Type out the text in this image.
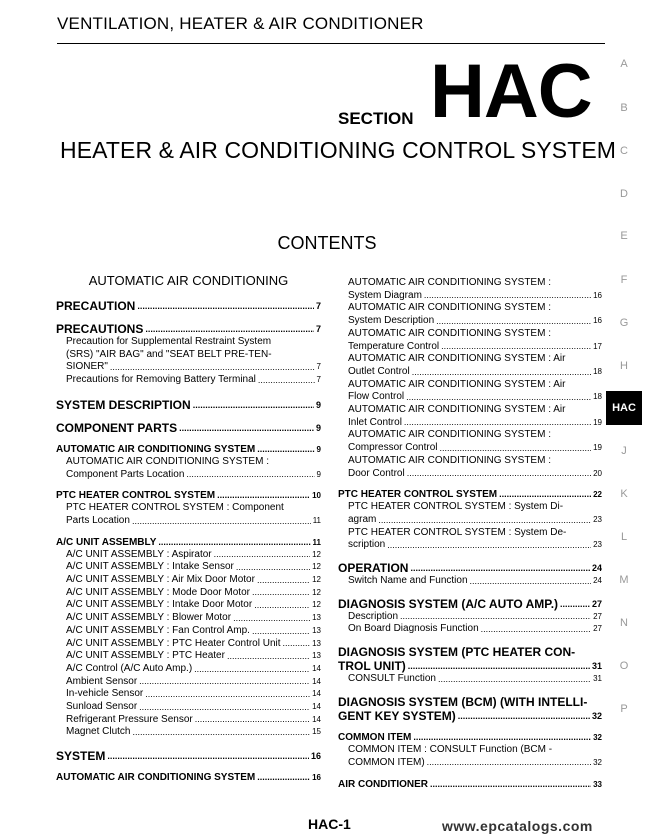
VENTILATION, HEATER & AIR CONDITIONER
SECTION HAC
HEATER & AIR CONDITIONING CONTROL SYSTEM
CONTENTS
AUTOMATIC AIR CONDITIONING
PRECAUTION .....	7
PRECAUTIONS .....	7
Precaution for Supplemental Restraint System
(SRS) "AIR BAG" and "SEAT BELT PRE-TEN-
SIONER" .....	7
Precautions for Removing Battery Terminal .....	7
SYSTEM DESCRIPTION .....	9
COMPONENT PARTS .....	9
AUTOMATIC AIR CONDITIONING SYSTEM .....	9
AUTOMATIC AIR CONDITIONING SYSTEM :
Component Parts Location .....	9
PTC HEATER CONTROL SYSTEM .....	10
PTC HEATER CONTROL SYSTEM : Component
Parts Location .....	11
A/C UNIT ASSEMBLY .....	11
A/C UNIT ASSEMBLY : Aspirator .....	12
A/C UNIT ASSEMBLY : Intake Sensor .....	12
A/C UNIT ASSEMBLY : Air Mix Door Motor .....	12
A/C UNIT ASSEMBLY : Mode Door Motor .....	12
A/C UNIT ASSEMBLY : Intake Door Motor .....	12
A/C UNIT ASSEMBLY : Blower Motor .....	13
A/C UNIT ASSEMBLY : Fan Control Amp. .....	13
A/C UNIT ASSEMBLY : PTC Heater Control Unit .....	13
A/C UNIT ASSEMBLY : PTC Heater .....	13
A/C Control (A/C Auto Amp.) .....	14
Ambient Sensor .....	14
In-vehicle Sensor .....	14
Sunload Sensor .....	14
Refrigerant Pressure Sensor .....	14
Magnet Clutch .....	15
SYSTEM .....	16
AUTOMATIC AIR CONDITIONING SYSTEM .....	16
AUTOMATIC AIR CONDITIONING SYSTEM :
System Diagram .....	16
AUTOMATIC AIR CONDITIONING SYSTEM :
System Description .....	16
AUTOMATIC AIR CONDITIONING SYSTEM :
Temperature Control .....	17
AUTOMATIC AIR CONDITIONING SYSTEM : Air
Outlet Control .....	18
AUTOMATIC AIR CONDITIONING SYSTEM : Air
Flow Control .....	18
AUTOMATIC AIR CONDITIONING SYSTEM : Air
Inlet Control .....	19
AUTOMATIC AIR CONDITIONING SYSTEM :
Compressor Control .....	19
AUTOMATIC AIR CONDITIONING SYSTEM :
Door Control .....	20
PTC HEATER CONTROL SYSTEM .....	22
PTC HEATER CONTROL SYSTEM : System Di-
agram .....	23
PTC HEATER CONTROL SYSTEM : System De-
scription .....	23
OPERATION .....	24
Switch Name and Function .....	24
DIAGNOSIS SYSTEM (A/C AUTO AMP.) .....	27
Description .....	27
On Board Diagnosis Function .....	27
DIAGNOSIS SYSTEM (PTC HEATER CON-
TROL UNIT) .....	31
CONSULT Function .....	31
DIAGNOSIS SYSTEM (BCM) (WITH INTELLI-
GENT KEY SYSTEM) .....	32
COMMON ITEM .....	32
COMMON ITEM : CONSULT Function (BCM -
COMMON ITEM) .....	32
AIR CONDITIONER .....	33
A
B
C
D
E
F
G
H
HAC
J
K
L
M
N
O
P
HAC-1	www.epcatalogs.com
